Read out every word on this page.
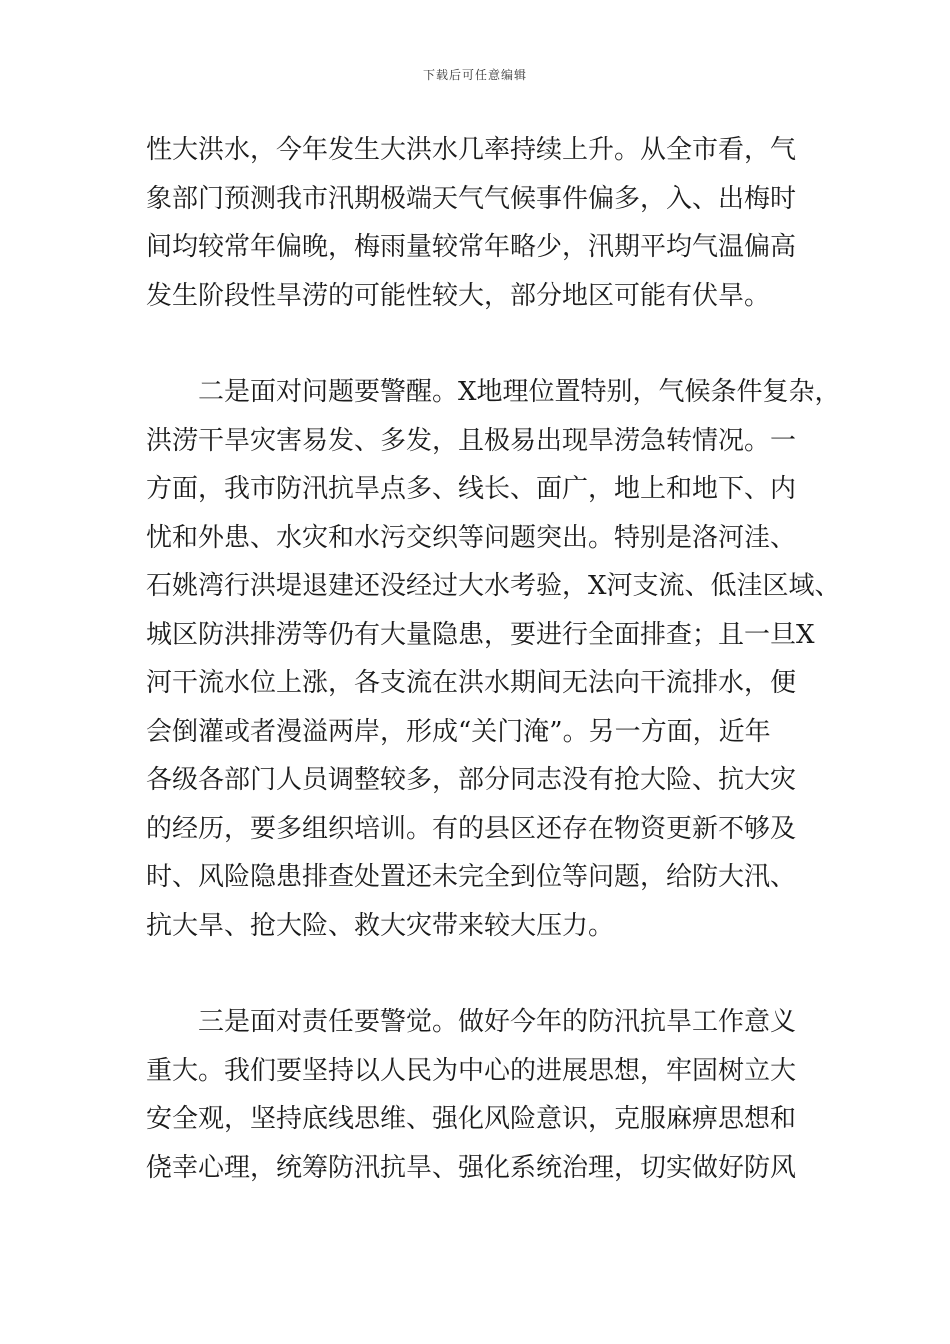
下载后可任意编辑
性大洪水，今年发生大洪水几率持续上升。从全市看，气
象部门预测我市汛期极端天气气候事件偏多，入、出梅时
间均较常年偏晚，梅雨量较常年略少，汛期平均气温偏高
发生阶段性旱涝的可能性较大，部分地区可能有伏旱。
二是面对问题要警醒。X地理位置特别，气候条件复杂，
洪涝干旱灾害易发、多发，且极易出现旱涝急转情况。一
方面，我市防汛抗旱点多、线长、面广，地上和地下、内
忧和外患、水灾和水污交织等问题突出。特别是洛河洼、
石姚湾行洪堤退建还没经过大水考验，X河支流、低洼区域、
城区防洪排涝等仍有大量隐患，要进行全面排查；且一旦X
河干流水位上涨，各支流在洪水期间无法向干流排水，便
会倒灌或者漫溢两岸，形成“关门淹”。另一方面，近年
各级各部门人员调整较多，部分同志没有抢大险、抗大灾
的经历，要多组织培训。有的县区还存在物资更新不够及
时、风险隐患排查处置还未完全到位等问题，给防大汛、
抗大旱、抢大险、救大灾带来较大压力。
三是面对责任要警觉。做好今年的防汛抗旱工作意义
重大。我们要坚持以人民为中心的进展思想，牢固树立大
安全观，坚持底线思维、强化风险意识，克服麻痹思想和
侥幸心理，统筹防汛抗旱、强化系统治理，切实做好防风
